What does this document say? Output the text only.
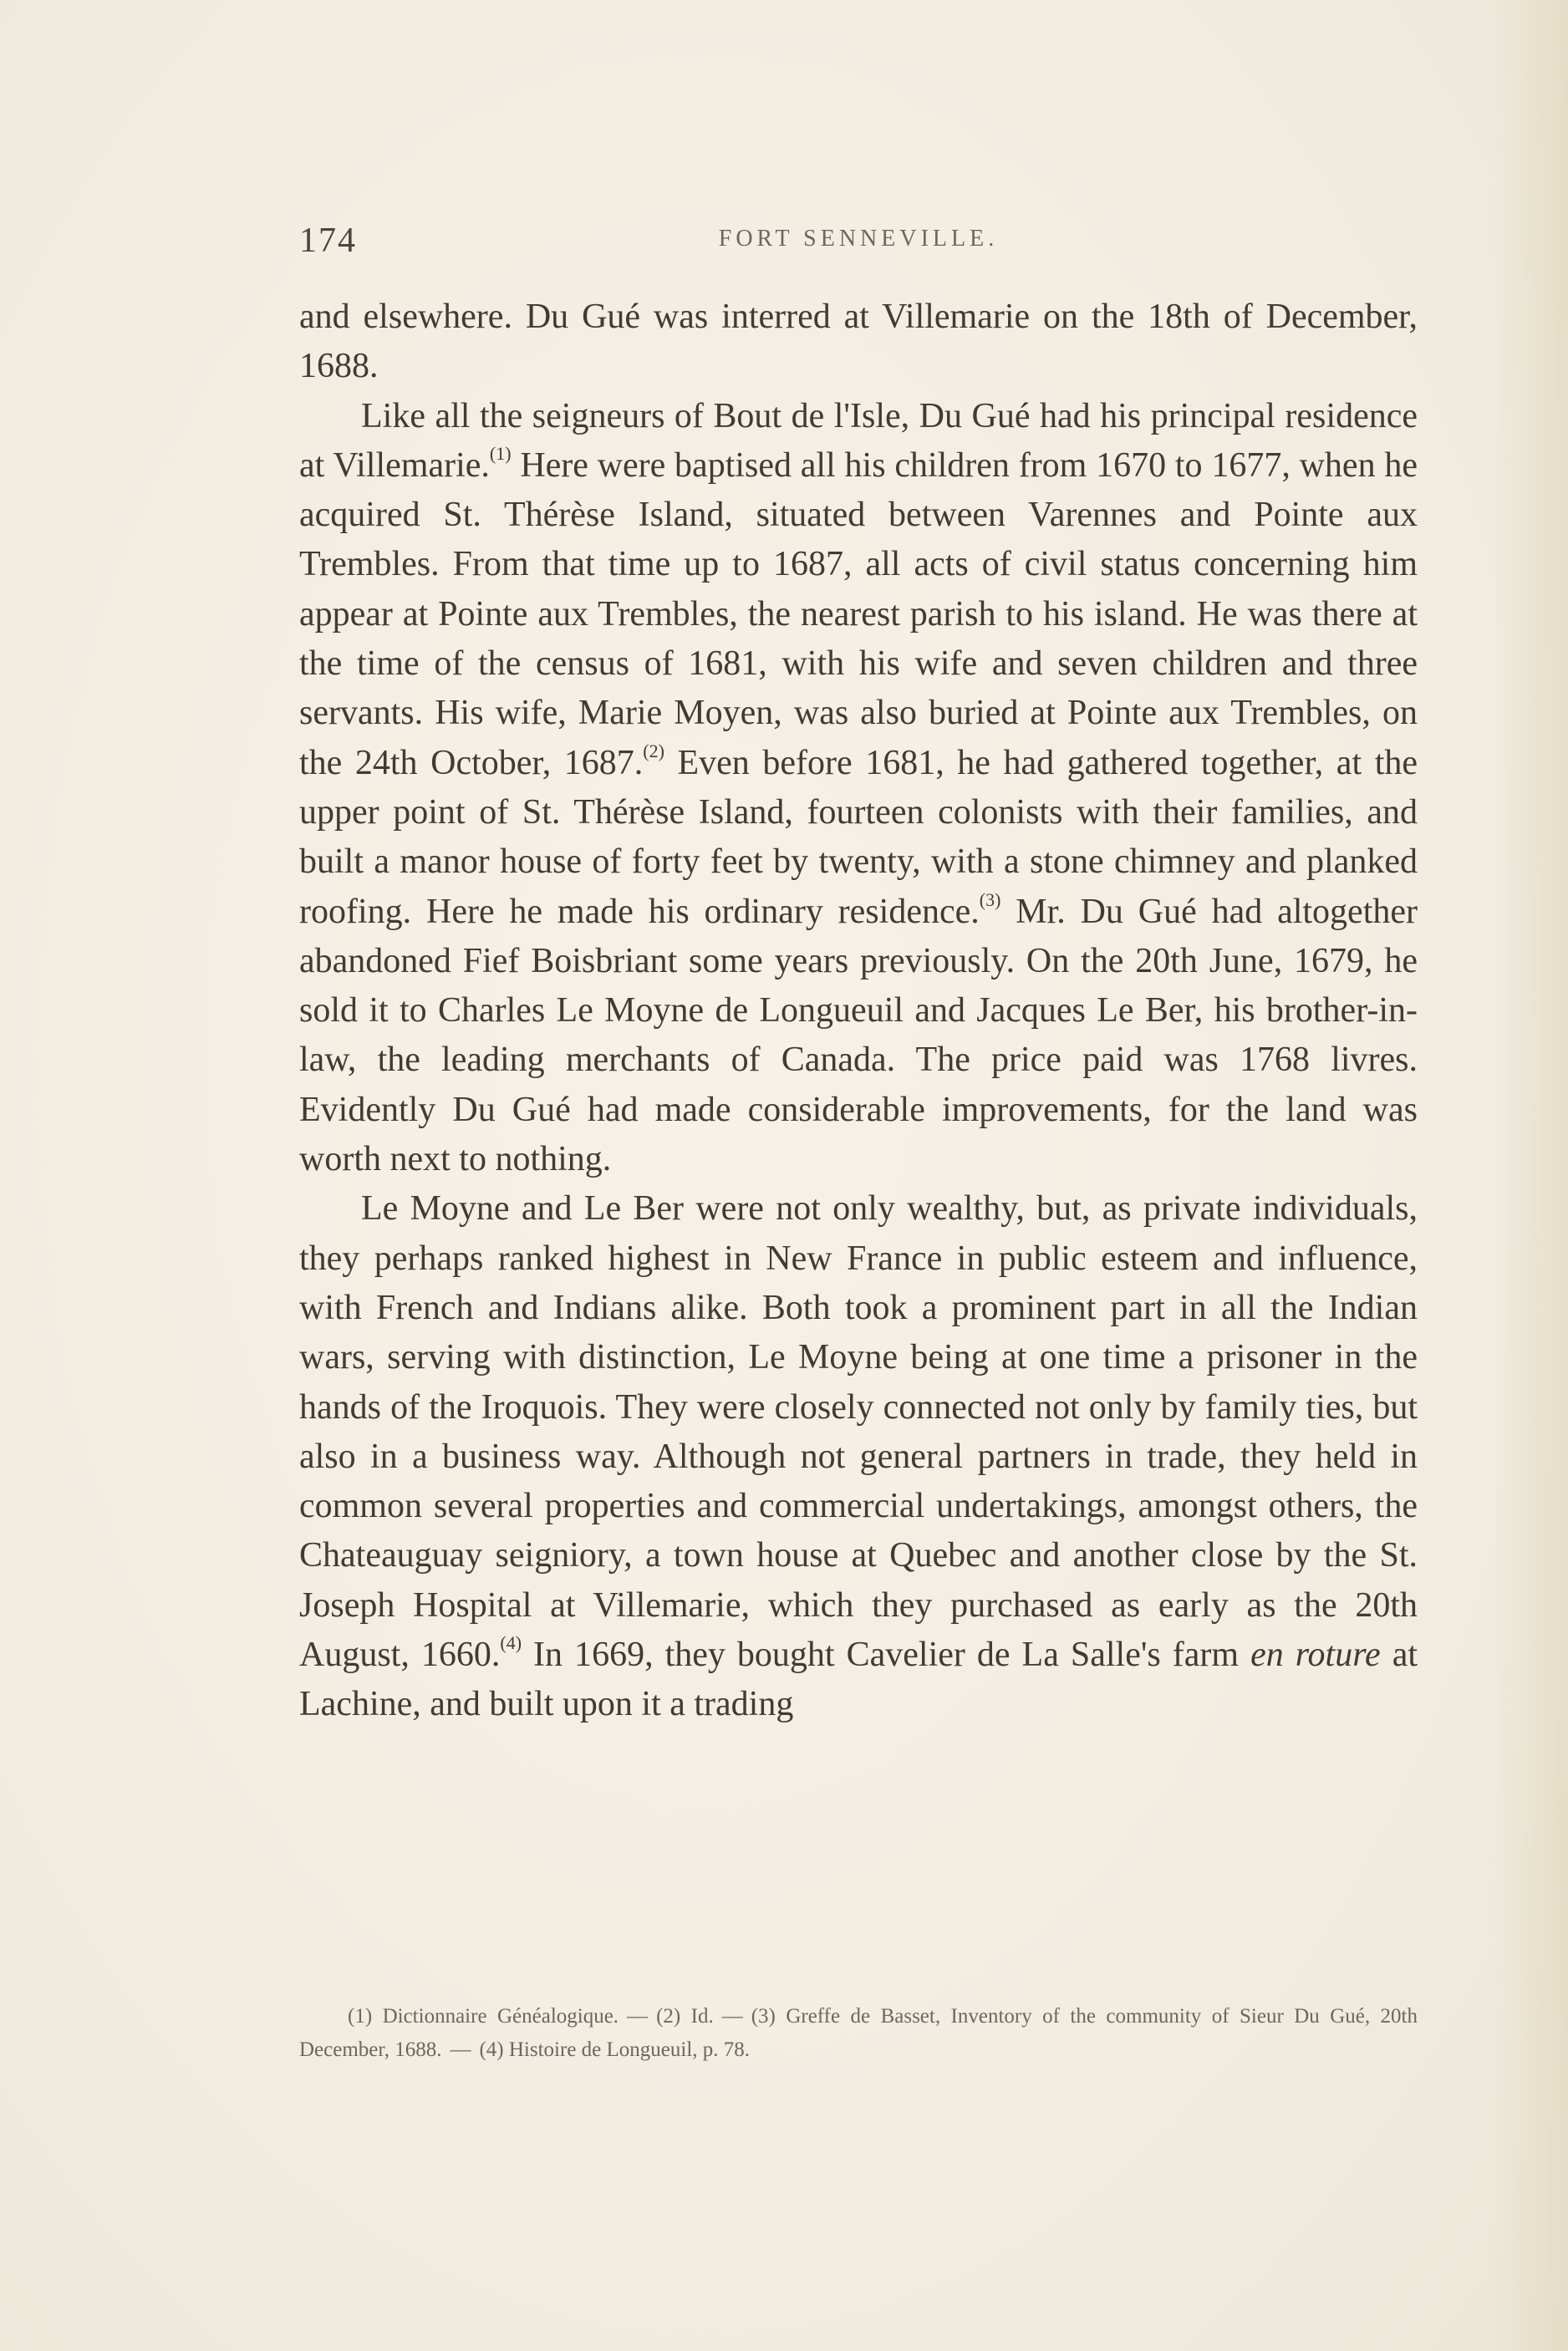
174	FORT SENNEVILLE.

and elsewhere. Du Gué was interred at Villemarie on the 18th of December, 1688.

Like all the seigneurs of Bout de l'Isle, Du Gué had his principal residence at Villemarie.$^{(1)}$ Here were baptised all his children from 1670 to 1677, when he acquired St. Thérèse Island, situated between Varennes and Pointe aux Trembles. From that time up to 1687, all acts of civil status concerning him appear at Pointe aux Trembles, the nearest parish to his island. He was there at the time of the census of 1681, with his wife and seven children and three servants. His wife, Marie Moyen, was also buried at Pointe aux Trembles, on the 24th October, 1687.$^{(2)}$ Even before 1681, he had gathered together, at the upper point of St. Thérèse Island, fourteen colonists with their families, and built a manor house of forty feet by twenty, with a stone chimney and planked roofing. Here he made his ordinary residence.$^{(3)}$ Mr. Du Gué had altogether abandoned Fief Boisbriant some years previously. On the 20th June, 1679, he sold it to Charles Le Moyne de Longueuil and Jacques Le Ber, his brother-in-law, the leading merchants of Canada. The price paid was 1768 livres. Evidently Du Gué had made considerable improvements, for the land was worth next to nothing.

Le Moyne and Le Ber were not only wealthy, but, as private individuals, they perhaps ranked highest in New France in public esteem and influence, with French and Indians alike. Both took a prominent part in all the Indian wars, serving with distinction, Le Moyne being at one time a prisoner in the hands of the Iroquois. They were closely connected not only by family ties, but also in a business way. Although not general partners in trade, they held in common several properties and commercial undertakings, amongst others, the Chateauguay seigniory, a town house at Quebec and another close by the St. Joseph Hospital at Villemarie, which they purchased as early as the 20th August, 1660.$^{(4)}$ In 1669, they bought Cavelier de La Salle's farm en roture at Lachine, and built upon it a trading

(1) Dictionnaire Généalogique. — (2) Id. — (3) Greffe de Basset, Inventory of the community of Sieur Du Gué, 20th December, 1688. — (4) Histoire de Longueuil, p. 78.
